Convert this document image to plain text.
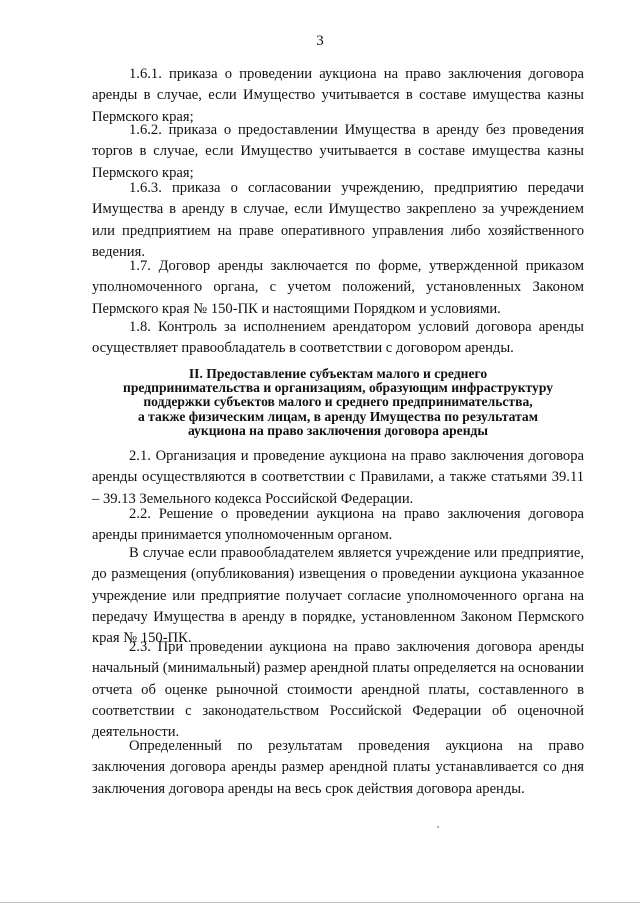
3

1.6.1. приказа о проведении аукциона на право заключения договора аренды в случае, если Имущество учитывается в составе имущества казны Пермского края;

1.6.2. приказа о предоставлении Имущества в аренду без проведения торгов в случае, если Имущество учитывается в составе имущества казны Пермского края;

1.6.3. приказа о согласовании учреждению, предприятию передачи Имущества в аренду в случае, если Имущество закреплено за учреждением или предприятием на праве оперативного управления либо хозяйственного ведения.

1.7. Договор аренды заключается по форме, утвержденной приказом уполномоченного органа, с учетом положений, установленных Законом Пермского края № 150-ПК и настоящими Порядком и условиями.

1.8. Контроль за исполнением арендатором условий договора аренды осуществляет правообладатель в соответствии с договором аренды.

II. Предоставление субъектам малого и среднего
предпринимательства и организациям, образующим инфраструктуру
поддержки субъектов малого и среднего предпринимательства,
а также физическим лицам, в аренду Имущества по результатам
аукциона на право заключения договора аренды

2.1. Организация и проведение аукциона на право заключения договора аренды осуществляются в соответствии с Правилами, а также статьями 39.11 – 39.13 Земельного кодекса Российской Федерации.

2.2. Решение о проведении аукциона на право заключения договора аренды принимается уполномоченным органом.

В случае если правообладателем является учреждение или предприятие, до размещения (опубликования) извещения о проведении аукциона указанное учреждение или предприятие получает согласие уполномоченного органа на передачу Имущества в аренду в порядке, установленном Законом Пермского края № 150-ПК.

2.3. При проведении аукциона на право заключения договора аренды начальный (минимальный) размер арендной платы определяется на основании отчета об оценке рыночной стоимости арендной платы, составленного в соответствии с законодательством Российской Федерации об оценочной деятельности.

Определенный по результатам проведения аукциона на право заключения договора аренды размер арендной платы устанавливается со дня заключения договора аренды на весь срок действия договора аренды.
